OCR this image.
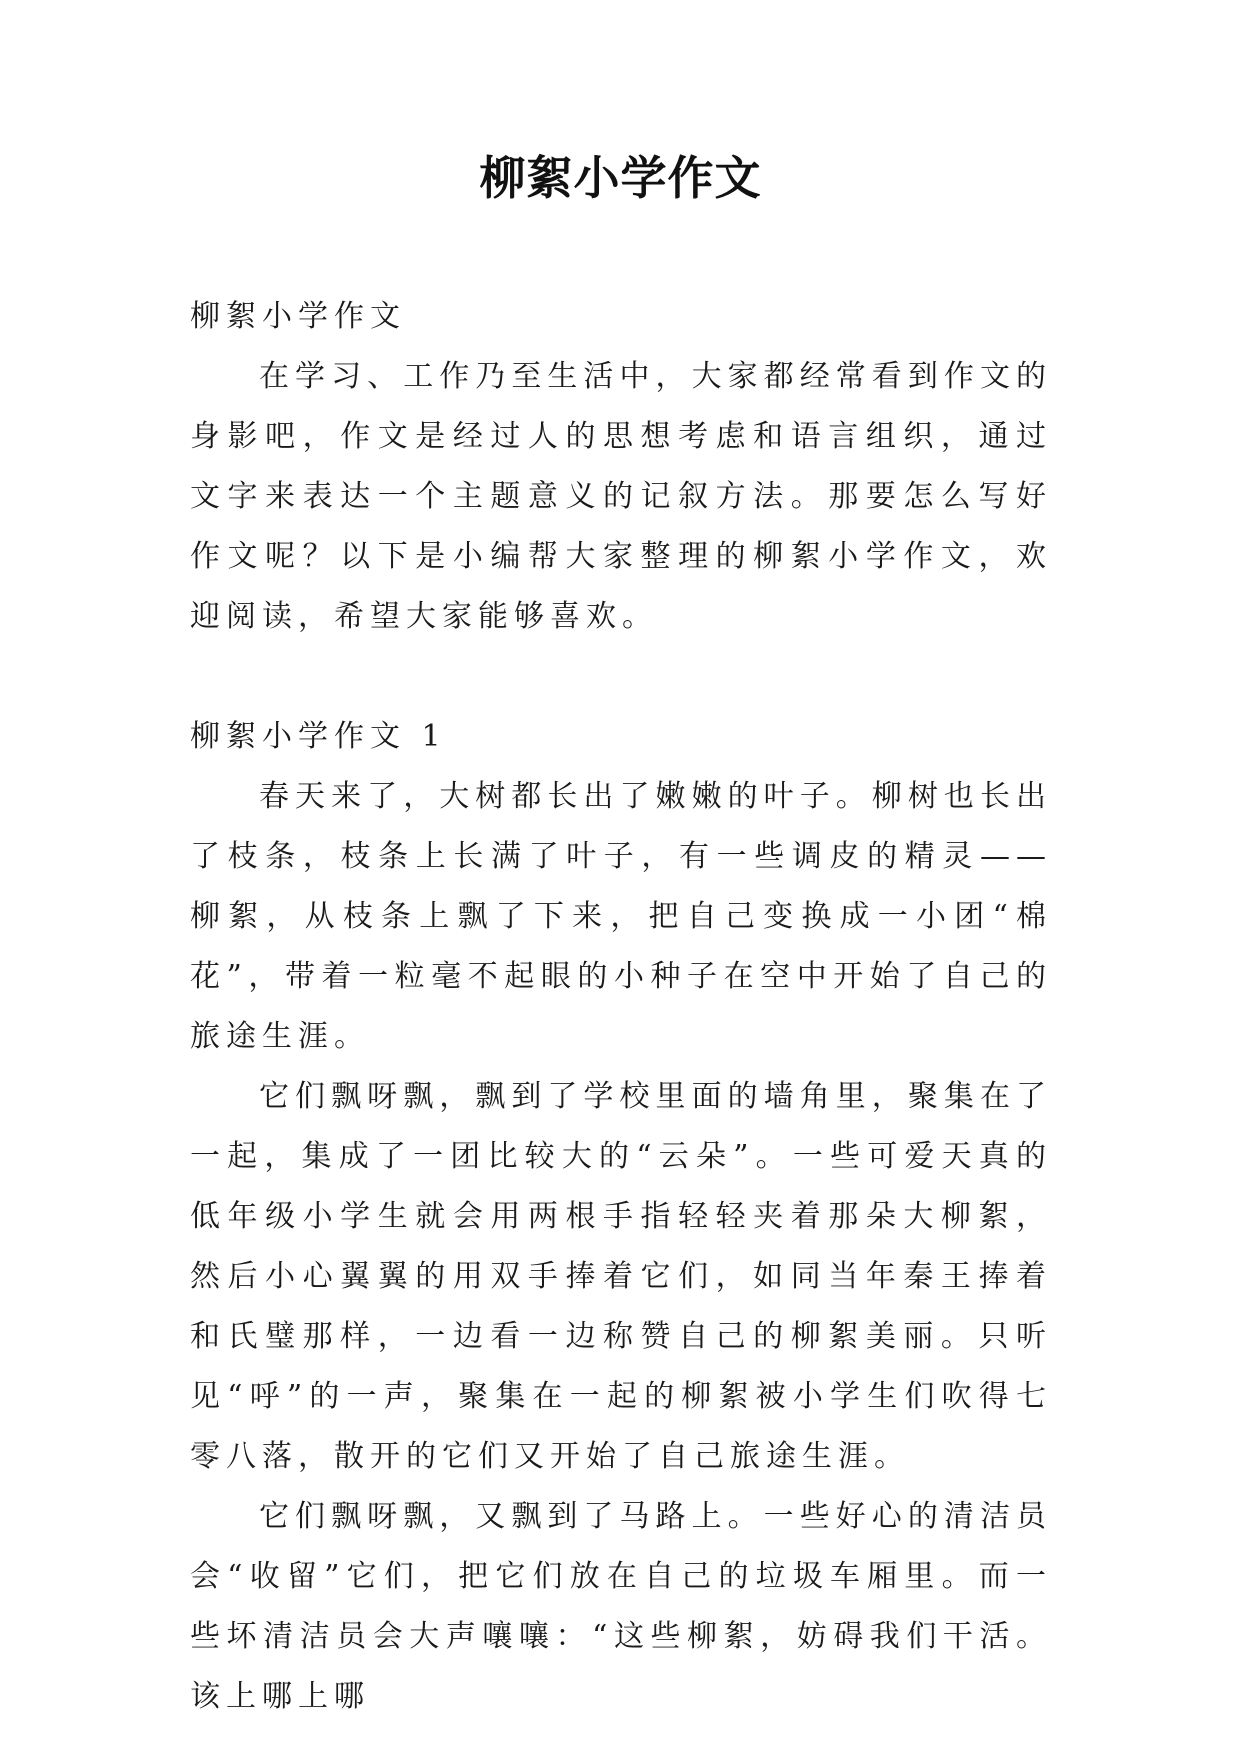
柳絮小学作文

柳絮小学作文

在学习、工作乃至生活中，大家都经常看到作文的身影吧，作文是经过人的思想考虑和语言组织，通过文字来表达一个主题意义的记叙方法。那要怎么写好作文呢？以下是小编帮大家整理的柳絮小学作文，欢迎阅读，希望大家能够喜欢。

柳絮小学作文 1

春天来了，大树都长出了嫩嫩的叶子。柳树也长出了枝条，枝条上长满了叶子，有一些调皮的精灵——柳絮，从枝条上飘了下来，把自己变换成一小团“棉花”，带着一粒毫不起眼的小种子在空中开始了自己的旅途生涯。

它们飘呀飘，飘到了学校里面的墙角里，聚集在了一起，集成了一团比较大的“云朵”。一些可爱天真的低年级小学生就会用两根手指轻轻夹着那朵大柳絮，然后小心翼翼的用双手捧着它们，如同当年秦王捧着和氏璧那样，一边看一边称赞自己的柳絮美丽。只听见“呼”的一声，聚集在一起的柳絮被小学生们吹得七零八落，散开的它们又开始了自己旅途生涯。

它们飘呀飘，又飘到了马路上。一些好心的清洁员会“收留”它们，把它们放在自己的垃圾车厢里。而一些坏清洁员会大声嚷嚷：“这些柳絮，妨碍我们干活。该上哪上哪
